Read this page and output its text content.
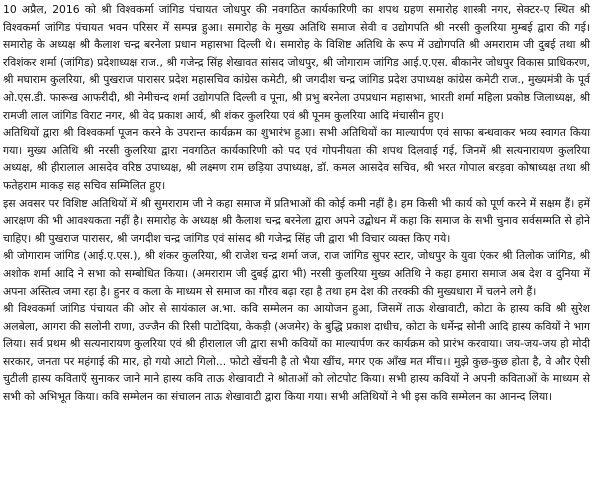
10 अप्रैल, 2016 को श्री विश्वकर्मा जांगिड पंचायत जोधपुर की नवगठित कार्यकारिणी का शपथ ग्रहण समारोह शास्त्री नगर, सेक्टर-ए स्थित श्री विश्वकर्मा जांगिड पंचायत भवन परिसर में सम्पन्न हुआ। समारोह के मुख्य अतिथि समाज सेवी व उद्योगपति श्री नरसी कुलरिया मुम्बई द्वारा की गई। समारोह के अध्यक्ष श्री कैलाश चन्द्र बरनेला प्रधान महासभा दिल्ली थे। समारोह के विशिष्ट अतिथि के रूप में उद्योगपति श्री अमराराम जी दुबई तथा श्री रविशंकर शर्मा (जांगिड) प्रदेशाध्यक्ष राज., श्री गजेन्द्र सिंह शेखावत सांसद जोधपुर, श्री जोगाराम जांगिड आई.ए.एस. बीकानेर जोधपुर विकास प्राधिकरण, श्री मघाराम कुलरिया, श्री पुखराज पारासर प्रदेश महासचिव कांग्रेस कमेटी, श्री जगदीश चन्द्र जांगिड प्रदेश उपाध्यक्ष कांग्रेस कमेटी राज., मुख्यमंत्री के पूर्व ओ.एस.डी. फारूख आफरीदी, श्री नेमीचन्द शर्मा उद्योगपति दिल्ली व पूना, श्री प्रभु बरनेला उपप्रधान महासभा, भारती शर्मा महिला प्रकोष्ठ जिलाध्यक्ष, श्री रामजी लाल जांगिड विराट नगर, श्री वेद प्रकाश आर्य, श्री शंकर कुलरिया एवं श्री पूनम कुलरिया आदि मंचासीन हुए।

अतिथियों द्वारा श्री विश्वकर्मा पूजन करने के उपरान्त कार्यक्रम का शुभारंभ हुआ। सभी अतिथियों का माल्यार्पण एवं साफा बन्धवाकर भव्य स्वागत किया गया। मुख्य अतिथि श्री नरसी कुलरिया द्वारा नवगठित कार्यकारिणी को पद एवं गोपनीयता की शपथ दिलवाई गई, जिनमें श्री सत्यनारायण कुलरिया अध्यक्ष, श्री हीरालाल आसदेव वरिष्ठ उपाध्यक्ष, श्री लक्ष्मण राम छड़िया उपाध्यक्ष, डॉ. कमल आसदेव सचिव, श्री भरत गोपाल बरड़वा कोषाध्यक्ष तथा श्री फतेहराम माकड़ सह सचिव सम्मिलित हुए।

इस अवसर पर विशिष्ट अतिथियों में श्री सुमराराम जी ने कहा समाज में प्रतिभाओं की कोई कमी नहीं है। हम किसी भी कार्य को पूर्ण करने में सक्षम हैं। हमें आरक्षण की भी आवश्यकता नहीं है। समारोह के अध्यक्ष श्री कैलाश चन्द्र बरनेला द्वारा अपने उद्बोधन में कहा कि समाज के सभी चुनाव सर्वसम्मति से होने चाहिए। श्री पुखराज पारासर, श्री जगदीश चन्द्र जांगिड एवं सांसद श्री गजेन्द्र सिंह जी द्वारा भी विचार व्यक्त किए गये।

श्री जोगाराम जांगिड (आई.ए.एस.), श्री शंकर कुलरिया, श्री राजेश चन्द्र शर्मा जज, राज जांगिड सुपर स्टार, जोधपुर के युवा एंकर श्री तिलोक जांगिड, श्री अशोक शर्मा आदि ने सभा को सम्बोधित किया। (अमराराम जी दुबई द्वारा भी) नरसी कुलरिया मुख्य अतिथि ने कहा हमारा समाज अब देश व दुनिया में अपना अस्तित्व जमा रहा है। हुनर व कला के माध्यम से समाज का गौरव बढ़ा रहा है तथा हम देश की तरक्की की मुख्यधारा में चलने लगे हैं।

श्री विश्वकर्मा जांगिड पंचायत की ओर से सायंकाल अ.भा. कवि सम्मेलन का आयोजन हुआ, जिसमें ताऊ शेखावाटी, कोटा के हास्य कवि श्री सुरेश अलबेला, आगरा की सलोनी राणा, उज्जैन की रिसी पाटोदिया, केकड़ी (अजमेर) के बुद्धि प्रकाश दाधीच, कोटा के धर्मेन्द्र सोनी आदि हास्य कवियों ने भाग लिया। सर्व प्रथम श्री सत्यनारायण कुलरिया एवं श्री हीरालाल जी द्वारा सभी कवियों का माल्यार्पण कर कार्यक्रम को प्रारंभ करवाया। जय-जय-जय हो मोदी सरकार, जनता पर महंगाई की मार, हो गयो आटो गिलो... फोटो खेंचनी है तो भैया खींच, मगर एक आँख मत मींच।। मुझे कुछ-कुछ होता है, वे और ऐसी चुटीली हास्य कविताएँ सुनाकर जाने माने हास्य कवि ताऊ शेखावाटी ने श्रोताओं को लोटपोट किया। सभी हास्य कवियों ने अपनी कविताओं के माध्यम से सभी को अभिभूत किया। कवि सम्मेलन का संचालन ताऊ शेखावाटी द्वारा किया गया। सभी अतिथियों ने भी इस कवि सम्मेलन का आनन्द लिया।
